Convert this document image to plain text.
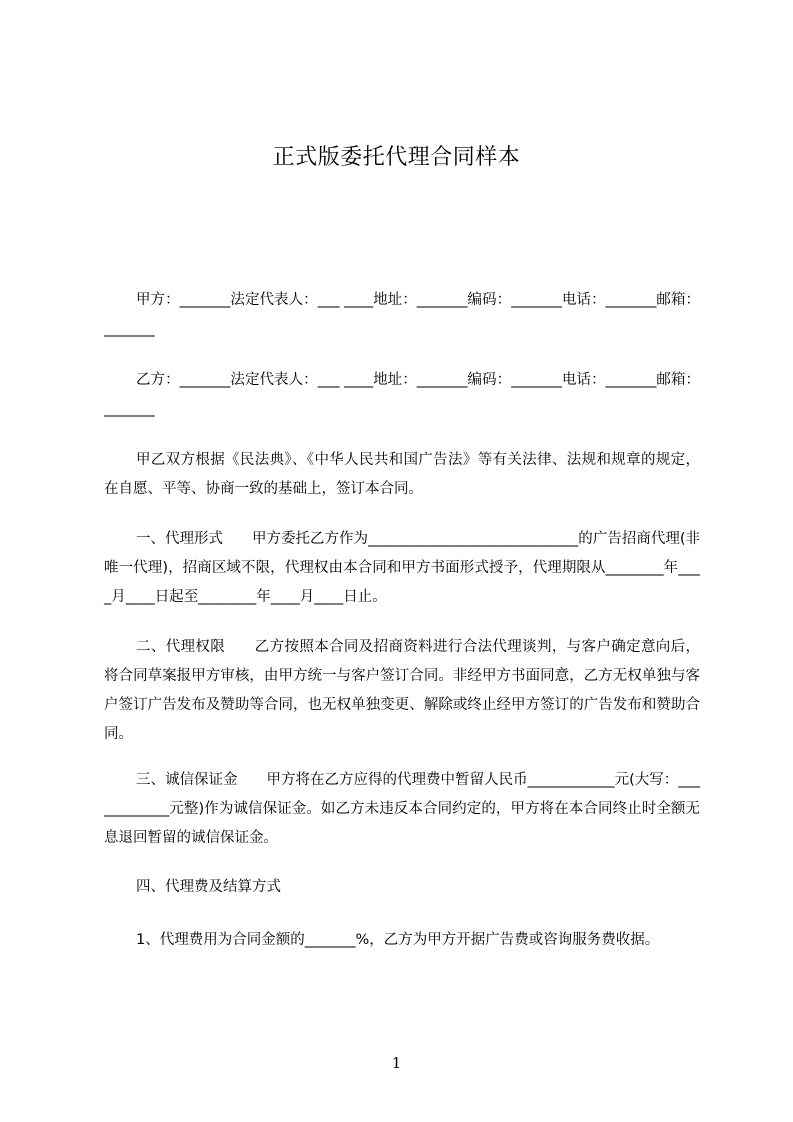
正式版委托代理合同样本

甲方：_______法定代表人：___ ____地址：_______编码：_______电话：_______邮箱：_______

乙方：_______法定代表人：___ ____地址：_______编码：_______电话：_______邮箱：_______

甲乙双方根据《民法典》、《中华人民共和国广告法》等有关法律、法规和规章的规定，在自愿、平等、协商一致的基础上，签订本合同。

一、代理形式　　甲方委托乙方作为_____________________________的广告招商代理(非唯一代理)，招商区域不限，代理权由本合同和甲方书面形式授予，代理期限从________年____月____日起至________年____月____日止。

二、代理权限　　乙方按照本合同及招商资料进行合法代理谈判，与客户确定意向后，将合同草案报甲方审核，由甲方统一与客户签订合同。非经甲方书面同意，乙方无权单独与客户签订广告发布及赞助等合同，也无权单独变更、解除或终止经甲方签订的广告发布和赞助合同。

三、诚信保证金　　甲方将在乙方应得的代理费中暂留人民币____________元(大写：____________元整)作为诚信保证金。如乙方未违反本合同约定的，甲方将在本合同终止时全额无息退回暂留的诚信保证金。

四、代理费及结算方式

1、代理费用为合同金额的_______%，乙方为甲方开据广告费或咨询服务费收据。

1
